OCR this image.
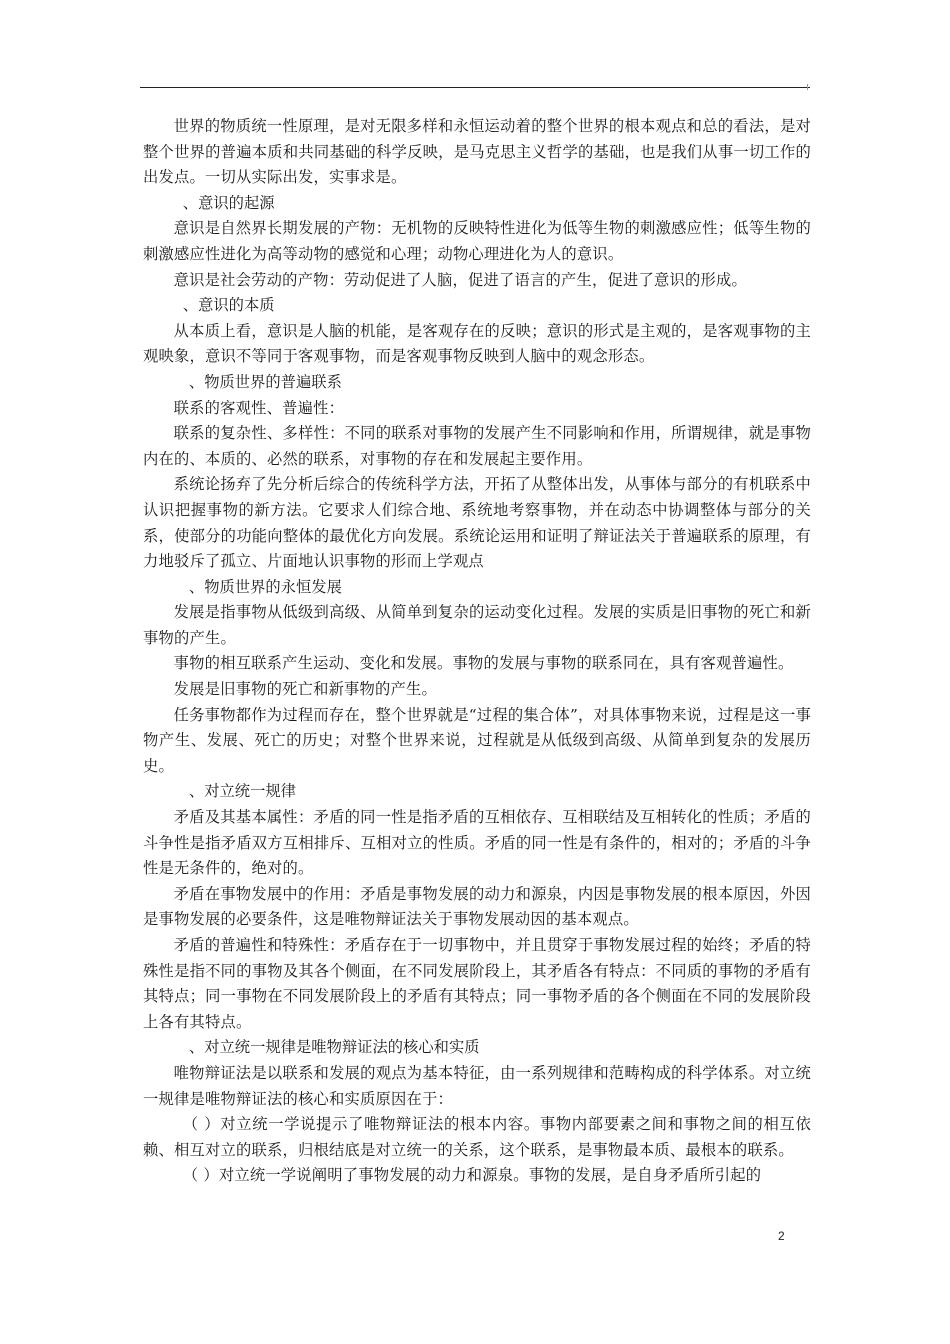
世界的物质统一性原理，是对无限多样和永恒运动着的整个世界的根本观点和总的看法，是对整个世界的普遍本质和共同基础的科学反映，是马克思主义哲学的基础，也是我们从事一切工作的出发点。一切从实际出发，实事求是。

、意识的起源

意识是自然界长期发展的产物：无机物的反映特性进化为低等生物的刺激感应性；低等生物的刺激感应性进化为高等动物的感觉和心理；动物心理进化为人的意识。

意识是社会劳动的产物：劳动促进了人脑，促进了语言的产生，促进了意识的形成。

、意识的本质

从本质上看，意识是人脑的机能，是客观存在的反映；意识的形式是主观的，是客观事物的主观映象，意识不等同于客观事物，而是客观事物反映到人脑中的观念形态。

、物质世界的普遍联系

联系的客观性、普遍性：

联系的复杂性、多样性：不同的联系对事物的发展产生不同影响和作用，所谓规律，就是事物内在的、本质的、必然的联系，对事物的存在和发展起主要作用。

系统论扬弃了先分析后综合的传统科学方法，开拓了从整体出发，从事体与部分的有机联系中认识把握事物的新方法。它要求人们综合地、系统地考察事物，并在动态中协调整体与部分的关系，使部分的功能向整体的最优化方向发展。系统论运用和证明了辩证法关于普遍联系的原理，有力地驳斥了孤立、片面地认识事物的形而上学观点

、物质世界的永恒发展

发展是指事物从低级到高级、从简单到复杂的运动变化过程。发展的实质是旧事物的死亡和新事物的产生。

事物的相互联系产生运动、变化和发展。事物的发展与事物的联系同在，具有客观普遍性。

发展是旧事物的死亡和新事物的产生。

任务事物都作为过程而存在，整个世界就是“过程的集合体”，对具体事物来说，过程是这一事物产生、发展、死亡的历史；对整个世界来说，过程就是从低级到高级、从简单到复杂的发展历史。

、对立统一规律

矛盾及其基本属性：矛盾的同一性是指矛盾的互相依存、互相联结及互相转化的性质；矛盾的斗争性是指矛盾双方互相排斥、互相对立的性质。矛盾的同一性是有条件的，相对的；矛盾的斗争性是无条件的，绝对的。

矛盾在事物发展中的作用：矛盾是事物发展的动力和源泉，内因是事物发展的根本原因，外因是事物发展的必要条件，这是唯物辩证法关于事物发展动因的基本观点。

矛盾的普遍性和特殊性：矛盾存在于一切事物中，并且贯穿于事物发展过程的始终；矛盾的特殊性是指不同的事物及其各个侧面，在不同发展阶段上，其矛盾各有特点：不同质的事物的矛盾有其特点；同一事物在不同发展阶段上的矛盾有其特点；同一事物矛盾的各个侧面在不同的发展阶段上各有其特点。

、对立统一规律是唯物辩证法的核心和实质

唯物辩证法是以联系和发展的观点为基本特征，由一系列规律和范畴构成的科学体系。对立统一规律是唯物辩证法的核心和实质原因在于：

（ ）对立统一学说提示了唯物辩证法的根本内容。事物内部要素之间和事物之间的相互依赖、相互对立的联系，归根结底是对立统一的关系，这个联系，是事物最本质、最根本的联系。

（ ）对立统一学说阐明了事物发展的动力和源泉。事物的发展，是自身矛盾所引起的

2
